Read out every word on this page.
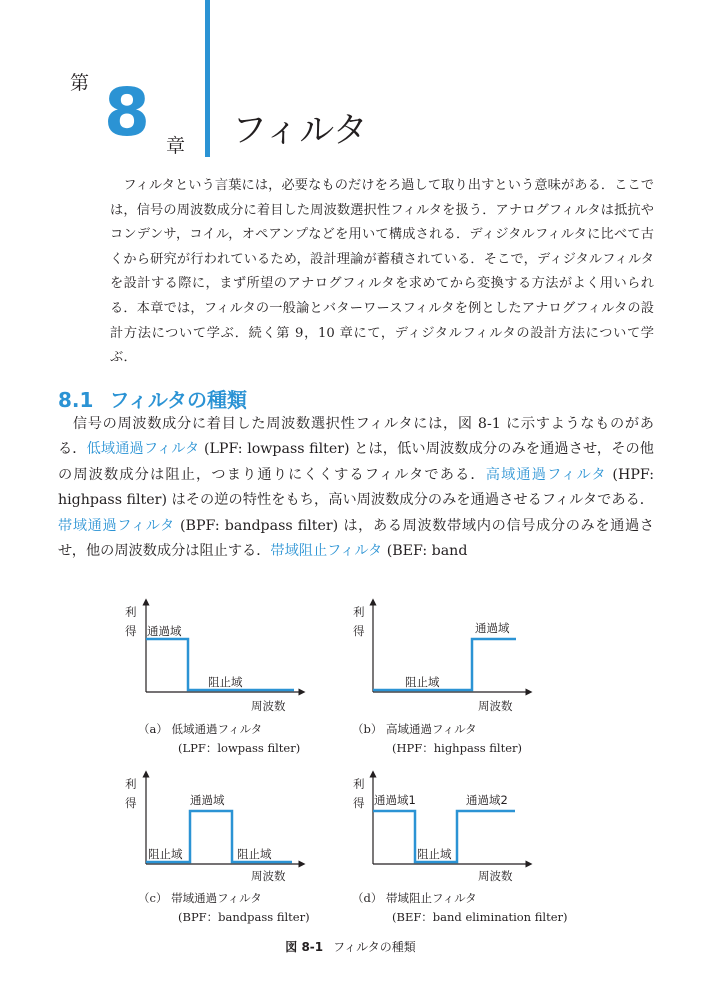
第 8 章 フィルタ
　フィルタという言葉には，必要なものだけをろ過して取り出すという意味がある．ここでは，信号の周波数成分に着目した周波数選択性フィルタを扱う．アナログフィルタは抵抗やコンデンサ，コイル，オペアンプなどを用いて構成される．ディジタルフィルタに比べて古くから研究が行われているため，設計理論が蓄積されている．そこで，ディジタルフィルタを設計する際に，まず所望のアナログフィルタを求めてから変換する方法がよく用いられる．本章では，フィルタの一般論とバターワースフィルタを例としたアナログフィルタの設計方法について学ぶ．続く第 9，10 章にて，ディジタルフィルタの設計方法について学ぶ．
8.1 フィルタの種類
　信号の周波数成分に着目した周波数選択性フィルタには，図 8-1 に示すようなものがある．低域通過フィルタ (LPF: lowpass filter) とは，低い周波数成分のみを通過させ，その他の周波数成分は阻止，つまり通りにくくするフィルタである．高域通過フィルタ (HPF: highpass filter) はその逆の特性をもち，高い周波数成分のみを通過させるフィルタである．帯域通過フィルタ (BPF: bandpass filter) は，ある周波数帯域内の信号成分のみを通過させ，他の周波数成分は阻止する．帯域阻止フィルタ (BEF: band
利
得 通過域
阻止域
周波数
（a） 低域通過フィルタ
(LPF：lowpass filter)
利
得	通過域
阻止域
周波数
（b） 高域通過フィルタ
(HPF：highpass filter)
利
得	通過域
阻止域	阻止域
周波数
（c） 帯域通過フィルタ
(BPF：bandpass filter)
利
得 通過域1	通過域2
阻止域
周波数
（d） 帯域阻止フィルタ
(BEF：band elimination filter)
図 8-1 フィルタの種類
